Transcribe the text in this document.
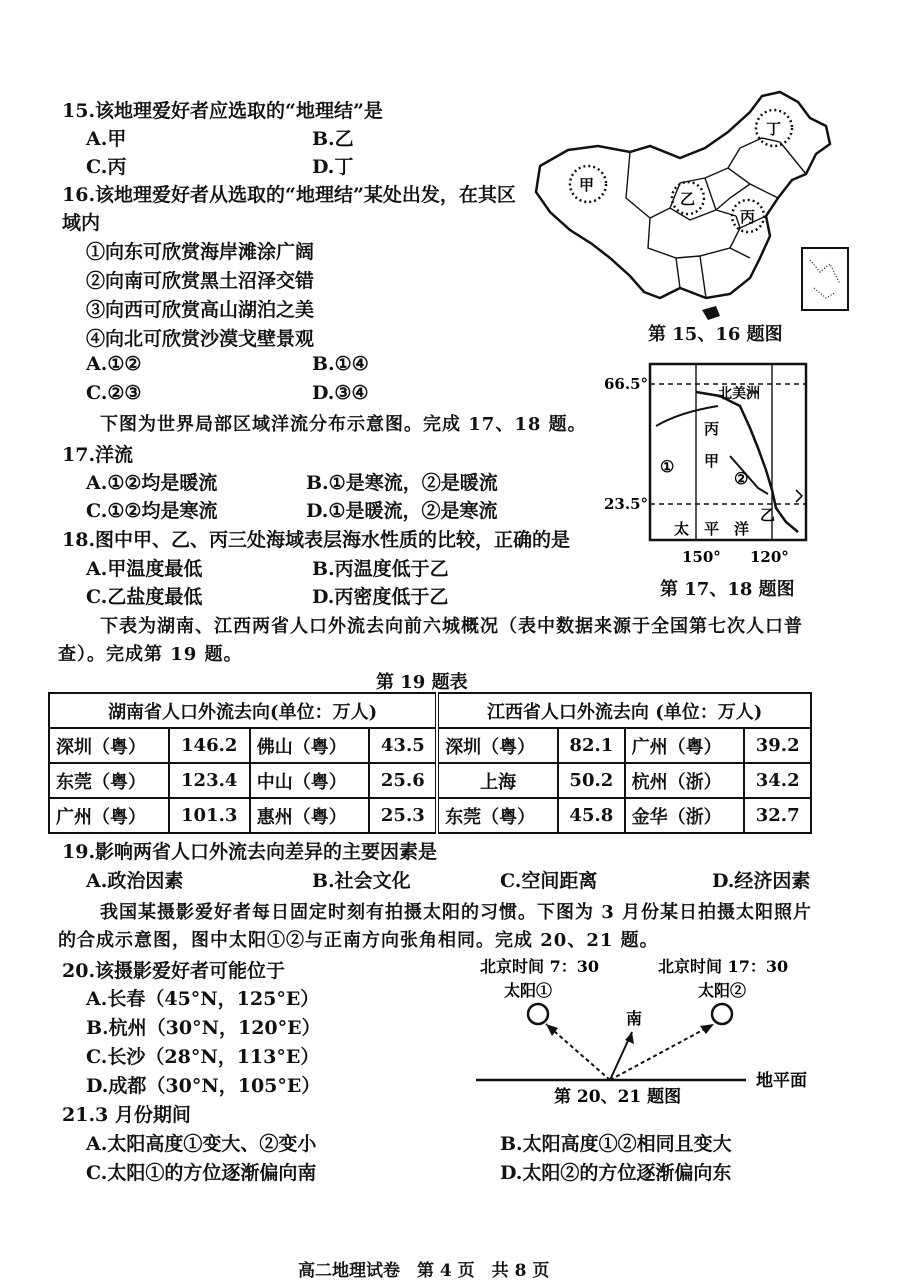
15.该地理爱好者应选取的“地理结”是
A.甲	B.乙
C.丙	D.丁
16.该地理爱好者从选取的“地理结”某处出发，在其区
域内
①向东可欣赏海岸滩涂广阔
②向南可欣赏黑土沼泽交错
③向西可欣赏高山湖泊之美
④向北可欣赏沙漠戈壁景观
A.①②	B.①④
C.②③	D.③④
甲
乙
丙
丁
第 15、16 题图
下图为世界局部区域洋流分布示意图。完成 17、18 题。
17.洋流
A.①②均是暖流	B.①是寒流，②是暖流
C.①②均是寒流	D.①是暖流，②是寒流
18.图中甲、乙、丙三处海域表层海水性质的比较，正确的是
A.甲温度最低	B.丙温度低于乙
C.乙盐度最低	D.丙密度低于乙
66.5°
23.5°
北美洲
丙
甲
①
②
乙
太 平 洋
150° 120°
第 17、18 题图
下表为湖南、江西两省人口外流去向前六城概况（表中数据来源于全国第七次人口普
查）。完成第 19 题。
第 19 题表
湖南省人口外流去向(单位：万人)				江西省人口外流去向 (单位：万人)			
深圳（粤）	146.2	佛山（粤）	43.5	深圳（粤）	82.1	广州（粤）	39.2
东莞（粤）	123.4	中山（粤）	25.6	上海	50.2	杭州（浙）	34.2
广州（粤）	101.3	惠州（粤）	25.3	东莞（粤）	45.8	金华（浙）	32.7
19.影响两省人口外流去向差异的主要因素是
A.政治因素	B.社会文化	C.空间距离	D.经济因素
我国某摄影爱好者每日固定时刻有拍摄太阳的习惯。下图为 3 月份某日拍摄太阳照片
的合成示意图，图中太阳①②与正南方向张角相同。完成 20、21 题。
20.该摄影爱好者可能位于
A.长春（45°N，125°E）
B.杭州（30°N，120°E）
C.长沙（28°N，113°E）
D.成都（30°N，105°E）
北京时间 7：30	北京时间 17：30
太阳①	太阳②
南
地平面
第 20、21 题图
21.3 月份期间
A.太阳高度①变大、②变小	B.太阳高度①②相同且变大
C.太阳①的方位逐渐偏向南	D.太阳②的方位逐渐偏向东
高二地理试卷　第 4 页　共 8 页
